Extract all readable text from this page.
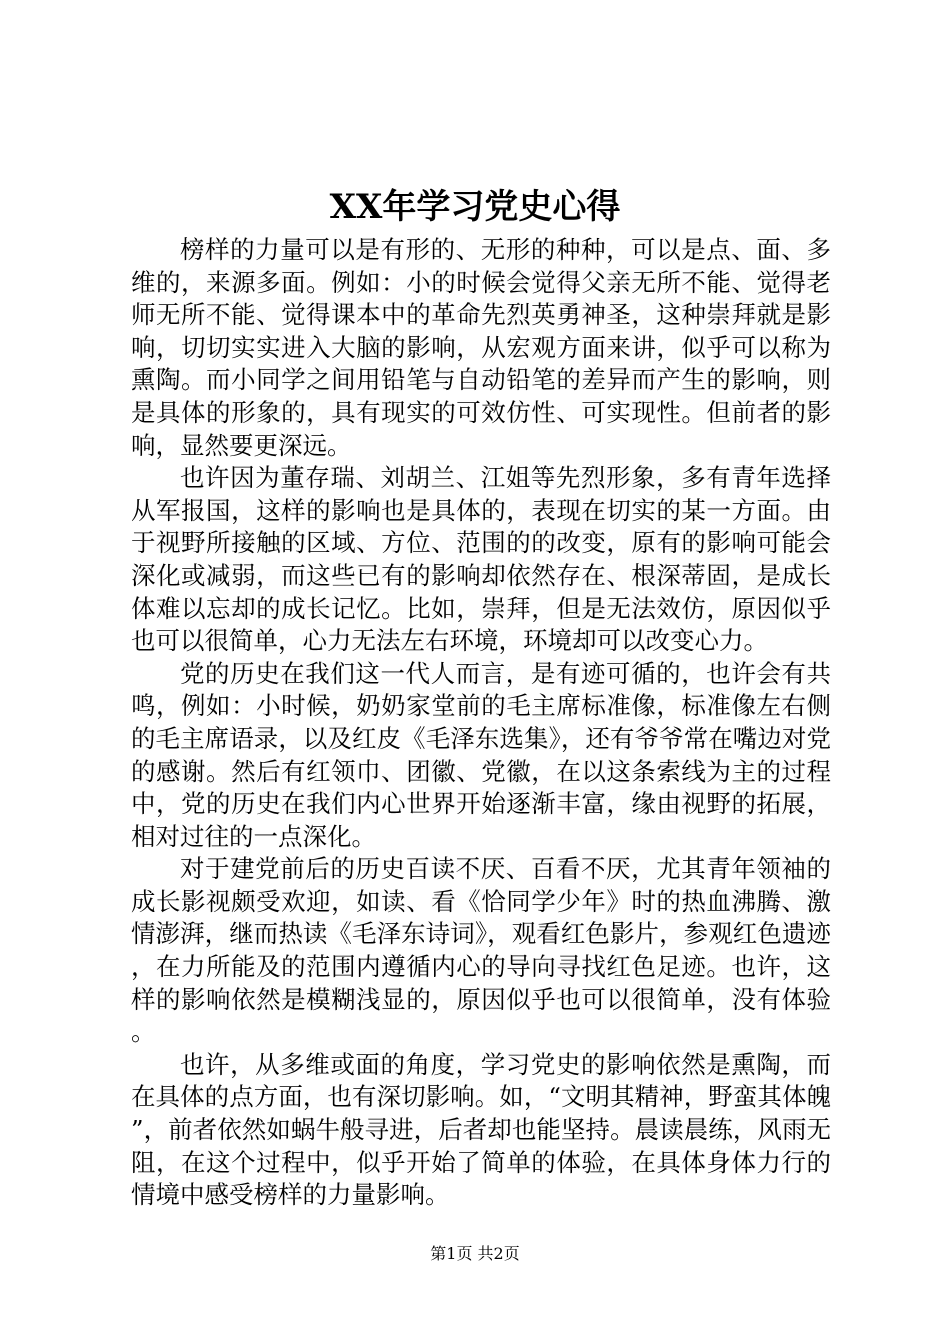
XX年学习党史心得

榜样的力量可以是有形的、无形的种种，可以是点、面、多维的，来源多面。例如：小的时候会觉得父亲无所不能、觉得老师无所不能、觉得课本中的革命先烈英勇神圣，这种崇拜就是影响，切切实实进入大脑的影响，从宏观方面来讲，似乎可以称为熏陶。而小同学之间用铅笔与自动铅笔的差异而产生的影响，则是具体的形象的，具有现实的可效仿性、可实现性。但前者的影响，显然要更深远。

也许因为董存瑞、刘胡兰、江姐等先烈形象，多有青年选择从军报国，这样的影响也是具体的，表现在切实的某一方面。由于视野所接触的区域、方位、范围的的改变，原有的影响可能会深化或减弱，而这些已有的影响却依然存在、根深蒂固，是成长体难以忘却的成长记忆。比如，崇拜，但是无法效仿，原因似乎也可以很简单，心力无法左右环境，环境却可以改变心力。

党的历史在我们这一代人而言，是有迹可循的，也许会有共鸣，例如：小时候，奶奶家堂前的毛主席标准像，标准像左右侧的毛主席语录，以及红皮《毛泽东选集》，还有爷爷常在嘴边对党的感谢。然后有红领巾、团徽、党徽，在以这条索线为主的过程中，党的历史在我们内心世界开始逐渐丰富，缘由视野的拓展，相对过往的一点深化。

对于建党前后的历史百读不厌、百看不厌，尤其青年领袖的成长影视颇受欢迎，如读、看《恰同学少年》时的热血沸腾、激情澎湃，继而热读《毛泽东诗词》，观看红色影片，参观红色遗迹，在力所能及的范围内遵循内心的导向寻找红色足迹。也许，这样的影响依然是模糊浅显的，原因似乎也可以很简单，没有体验。

也许，从多维或面的角度，学习党史的影响依然是熏陶，而在具体的点方面，也有深切影响。如，“文明其精神，野蛮其体魄”，前者依然如蜗牛般寻进，后者却也能坚持。晨读晨练，风雨无阻，在这个过程中，似乎开始了简单的体验，在具体身体力行的情境中感受榜样的力量影响。

第1页 共2页
